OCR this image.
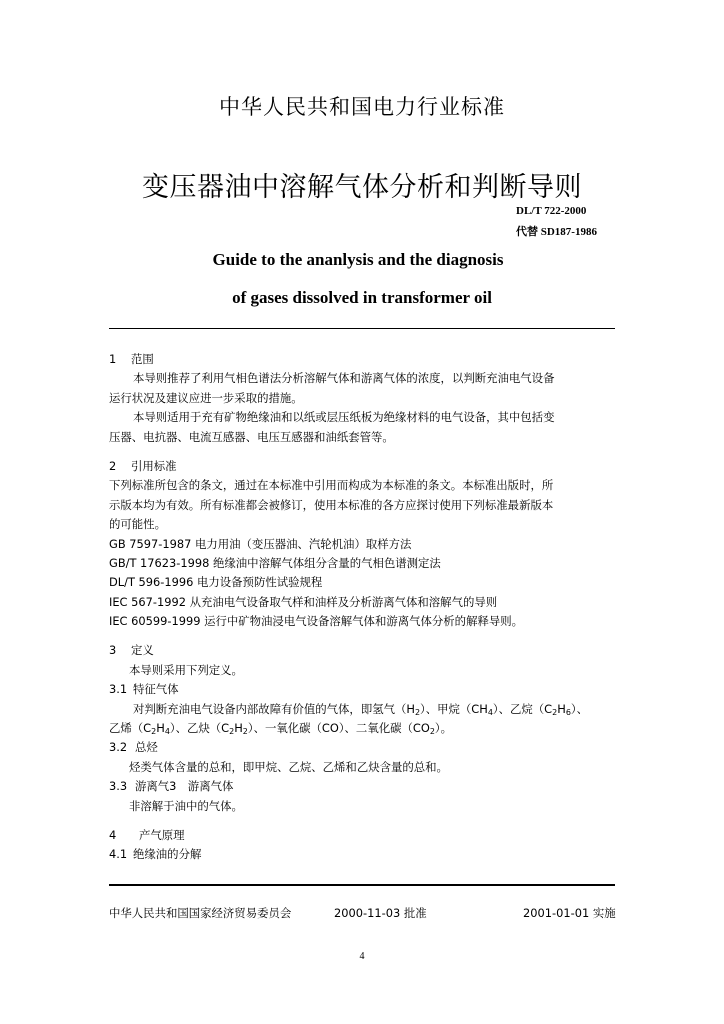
中华人民共和国电力行业标准
变压器油中溶解气体分析和判断导则
DL/T 722-2000
代替 SD187-1986
Guide to the ananlysis and the diagnosis
of gases dissolved in transformer oil
1 范围
本导则推荐了利用气相色谱法分析溶解气体和游离气体的浓度，以判断充油电气设备
运行状况及建议应进一步采取的措施。
本导则适用于充有矿物绝缘油和以纸或层压纸板为绝缘材料的电气设备，其中包括变
压器、电抗器、电流互感器、电压互感器和油纸套管等。
2 引用标准
下列标准所包含的条文，通过在本标准中引用而构成为本标准的条文。本标准出版时，所
示版本均为有效。所有标准都会被修订，使用本标准的各方应探讨使用下列标准最新版本
的可能性。
GB 7597-1987 电力用油（变压器油、汽轮机油）取样方法
GB/T 17623-1998 绝缘油中溶解气体组分含量的气相色谱测定法
DL/T 596-1996 电力设备预防性试验规程
IEC 567-1992 从充油电气设备取气样和油样及分析游离气体和溶解气的导则
IEC 60599-1999 运行中矿物油浸电气设备溶解气体和游离气体分析的解释导则。
3 定义
本导则采用下列定义。
3.1 特征气体
对判断充油电气设备内部故障有价值的气体，即氢气$(H_2)$、甲烷$(CH_4)$、乙烷$(C_2H_6)$、
乙烯$(C_2H_4)$、乙炔$(C_2H_2)$、一氧化碳（CO）、二氧化碳$(CO_2)$。
3.2 总烃
烃类气体含量的总和，即甲烷、乙烷、乙烯和乙炔含量的总和。
3.3 游离气3　游离气体
非溶解于油中的气体。
4 产气原理
4.1 绝缘油的分解
中华人民共和国国家经济贸易委员会	2000-11-03 批准	2001-01-01 实施
4
